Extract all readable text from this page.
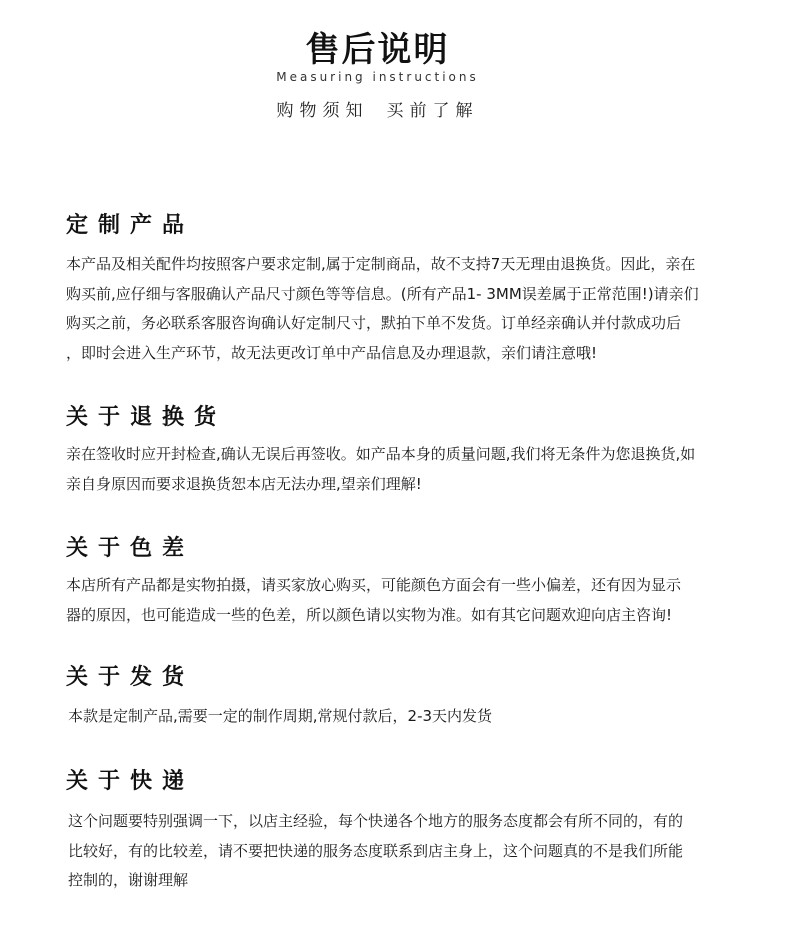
售后说明
Measuring instructions
购物须知 买前了解
定制产品
本产品及相关配件均按照客户要求定制,属于定制商品，故不支持7天无理由退换货。因此，亲在
购买前,应仔细与客服确认产品尺寸颜色等等信息。(所有产品1- 3MM误差属于正常范围!)请亲们
购买之前，务必联系客服咨询确认好定制尺寸，默拍下单不发货。订单经亲确认并付款成功后
，即时会进入生产环节，故无法更改订单中产品信息及办理退款，亲们请注意哦!
关于退换货
亲在签收时应开封检查,确认无误后再签收。如产品本身的质量问题,我们将无条件为您退换货,如
亲自身原因而要求退换货恕本店无法办理,望亲们理解!
关于色差
本店所有产品都是实物拍摄，请买家放心购买，可能颜色方面会有一些小偏差，还有因为显示
器的原因，也可能造成一些的色差，所以颜色请以实物为准。如有其它问题欢迎向店主咨询!
关于发货
本款是定制产品,需要一定的制作周期,常规付款后，2-3天内发货
关于快递
这个问题要特别强调一下，以店主经验，每个快递各个地方的服务态度都会有所不同的，有的
比较好，有的比较差，请不要把快递的服务态度联系到店主身上，这个问题真的不是我们所能
控制的，谢谢理解
